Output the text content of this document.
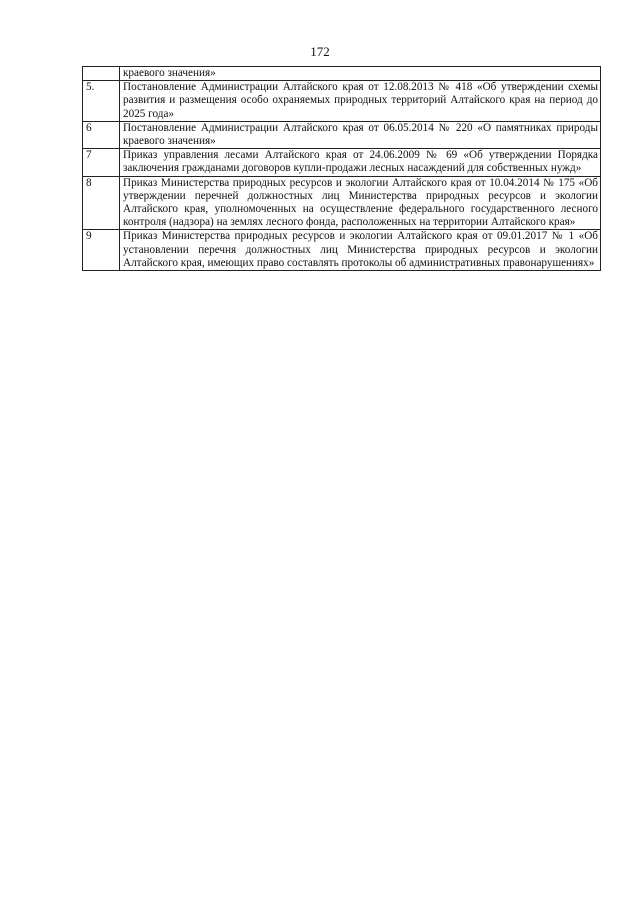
172
	краевого значения»
5.	Постановление Администрации Алтайского края от 12.08.2013 № 418 «Об утверждении схемы развития и размещения особо охраняемых природных территорий Алтайского края на период до 2025 года»
6	Постановление Администрации Алтайского края от 06.05.2014 № 220 «О памятниках природы краевого значения»
7	Приказ управления лесами Алтайского края от 24.06.2009 № 69 «Об утверждении Порядка заключения гражданами договоров купли-продажи лесных насаждений для собственных нужд»
8	Приказ Министерства природных ресурсов и экологии Алтайского края от 10.04.2014 № 175 «Об утверждении перечней должностных лиц Министерства природных ресурсов и экологии Алтайского края, уполномоченных на осуществление федерального государственного лесного контроля (надзора) на землях лесного фонда, расположенных на территории Алтайского края»
9	Приказ Министерства природных ресурсов и экологии Алтайского края от 09.01.2017 № 1 «Об установлении перечня должностных лиц Министерства природных ресурсов и экологии Алтайского края, имеющих право составлять протоколы об административных правонарушениях»
